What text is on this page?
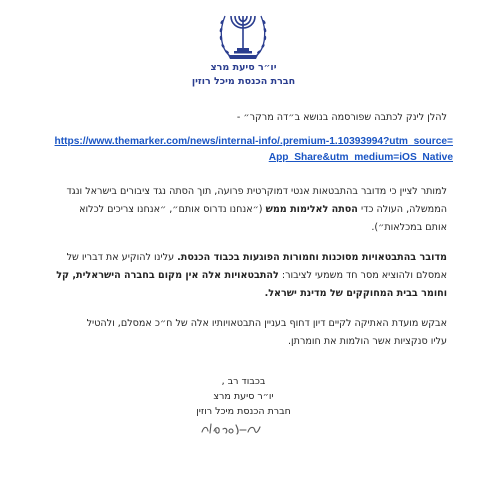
יו״ר סיעת מרצ
חברת הכנסת מיכל רוזין
להלן לינק לכתבה שפורסמה בנושא ב״דה מרקר״ -
https://www.themarker.com/news/internal-info/.premium-1.10393994?utm_source=
App_Share&utm_medium=iOS_Native

למותר לציין כי מדובר בהתבטאות אנטי דמוקרטית פרועה, תוך הסתה נגד ציבורים בישראל ונגד

הממשלה, העולה כדי הסתה לאלימות ממש (״אנחנו נדרוס אותם״, ״אנחנו צריכים לכלוא

אותם במכלאות״).

מדובר בהתבטאויות מסוכנות וחמורות הפוגעות בכבוד הכנסת. עלינו להוקיע את דבריו של

אמסלם ולהוציא מסר חד משמעי לציבור: להתבטאויות אלה אין מקום בחברה הישראלית, קל

וחומר בבית המחוקקים של מדינת ישראל.

אבקש מועדת האתיקה לקיים דיון דחוף בעניין התבטאויותיו אלה של ח״כ אמסלם, ולהטיל

עליו סנקציות אשר הולמות את חומרתן.

בכבוד רב ,
יו״ר סיעת מרצ
חברת הכנסת מיכל רוזין
